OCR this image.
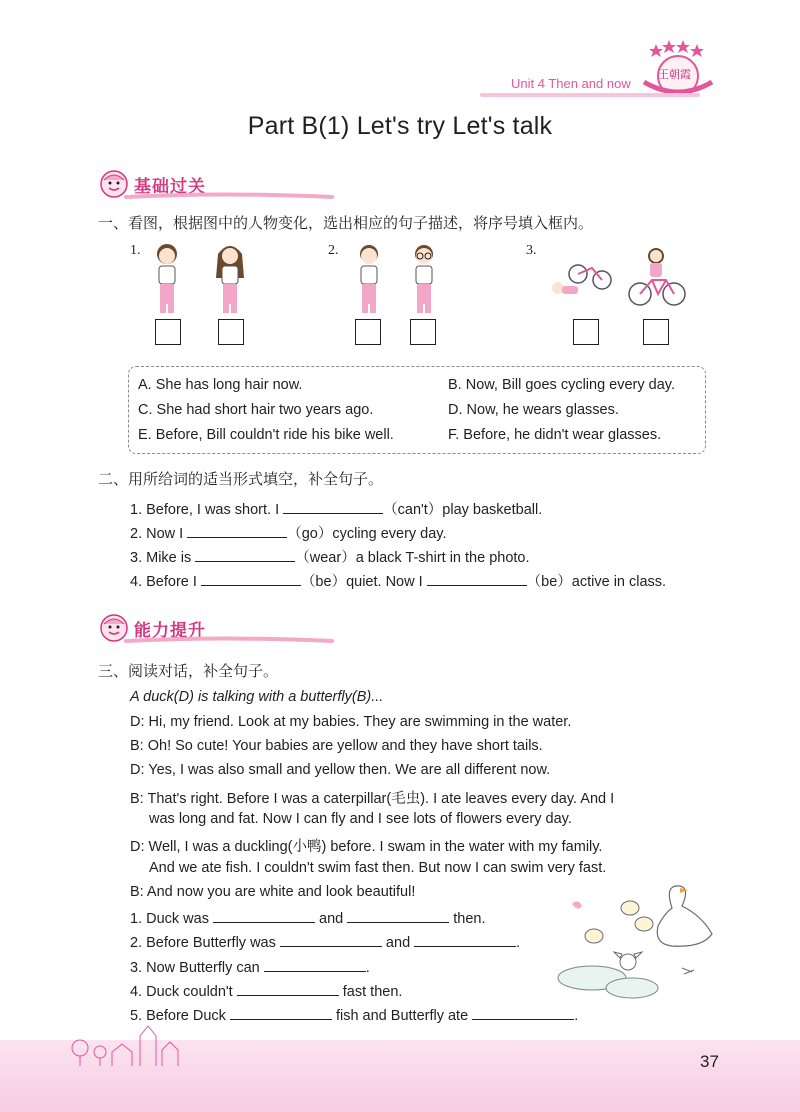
王朝霞
Unit 4 Then and now
Part B(1) Let's try Let's talk
基础过关
一、看图，根据图中的人物变化，选出相应的句子描述，将序号填入框内。
1.	2.	3.
A. She has long hair now.	B. Now, Bill goes cycling every day.
C. She had short hair two years ago.	D. Now, he wears glasses.
E. Before, Bill couldn't ride his bike well.	F. Before, he didn't wear glasses.
二、用所给词的适当形式填空，补全句子。
1. Before, I was short. I	（can't）play basketball.
2. Now I	（go）cycling every day.
3. Mike is	（wear）a black T-shirt in the photo.
4. Before I	（be）quiet. Now I	（be）active in class.
能力提升
三、阅读对话，补全句子。
A duck(D) is talking with a butterfly(B)...
D: Hi, my friend. Look at my babies. They are swimming in the water.
B: Oh! So cute! Your babies are yellow and they have short tails.
D: Yes, I was also small and yellow then. We are all different now.
B: That's right. Before I was a caterpillar(毛虫). I ate leaves every day. And I
was long and fat. Now I can fly and I see lots of flowers every day.
D: Well, I was a duckling(小鸭) before. I swam in the water with my family.
And we ate fish. I couldn't swim fast then. But now I can swim very fast.
B: And now you are white and look beautiful!
1. Duck was	and	then.
2. Before Butterfly was	and	.
3. Now Butterfly can	.
4. Duck couldn't	fast then.
5. Before Duck	fish and Butterfly ate	.
37
